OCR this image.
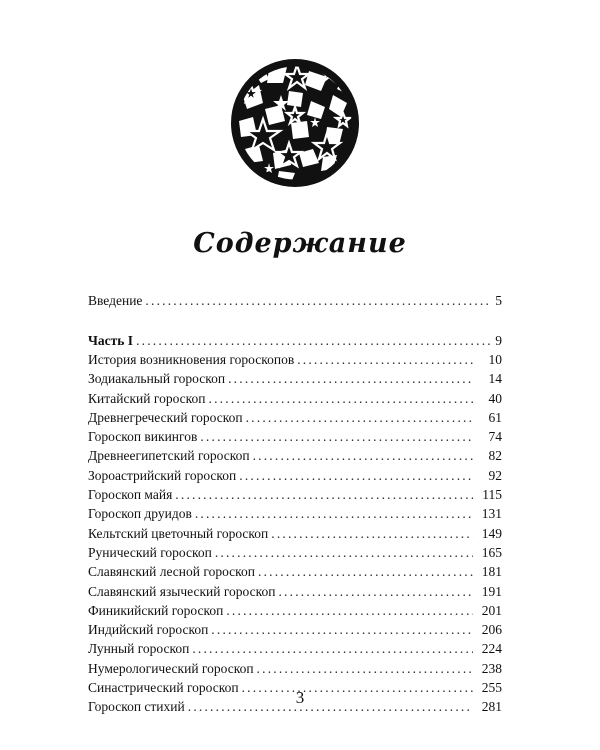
Содержание
Введение .....	5
Часть I .....	9
История возникновения гороскопов .....	10
Зодиакальный гороскоп .....	14
Китайский гороскоп .....	40
Древнегреческий гороскоп .....	61
Гороскоп викингов .....	74
Древнеегипетский гороскоп .....	82
Зороастрийский гороскоп .....	92
Гороскоп майя .....	115
Гороскоп друидов .....	131
Кельтский цветочный гороскоп .....	149
Рунический гороскоп .....	165
Славянский лесной гороскоп .....	181
Славянский языческий гороскоп .....	191
Финикийский гороскоп .....	201
Индийский гороскоп .....	206
Лунный гороскоп .....	224
Нумерологический гороскоп .....	238
Синастрический гороскоп .....	255
Гороскоп стихий .....	281
3
